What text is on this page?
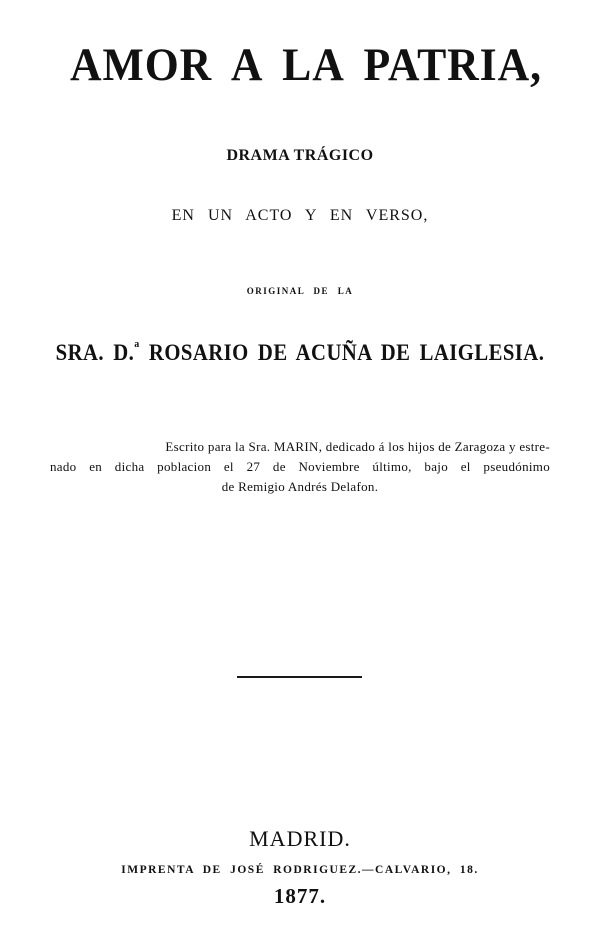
AMOR A LA PATRIA,
DRAMA TRÁGICO
EN UN ACTO Y EN VERSO,
ORIGINAL DE LA
SRA. D.$^a$ ROSARIO DE ACUÑA DE LAIGLESIA.
Escrito para la Sra. MARIN, dedicado á los hijos de Zaragoza y estre-
nado en dicha poblacion el 27 de Noviembre último, bajo el pseudónimo
de Remigio Andrés Delafon.
MADRID.
IMPRENTA DE JOSÉ RODRIGUEZ.—CALVARIO, 18.
1877.
